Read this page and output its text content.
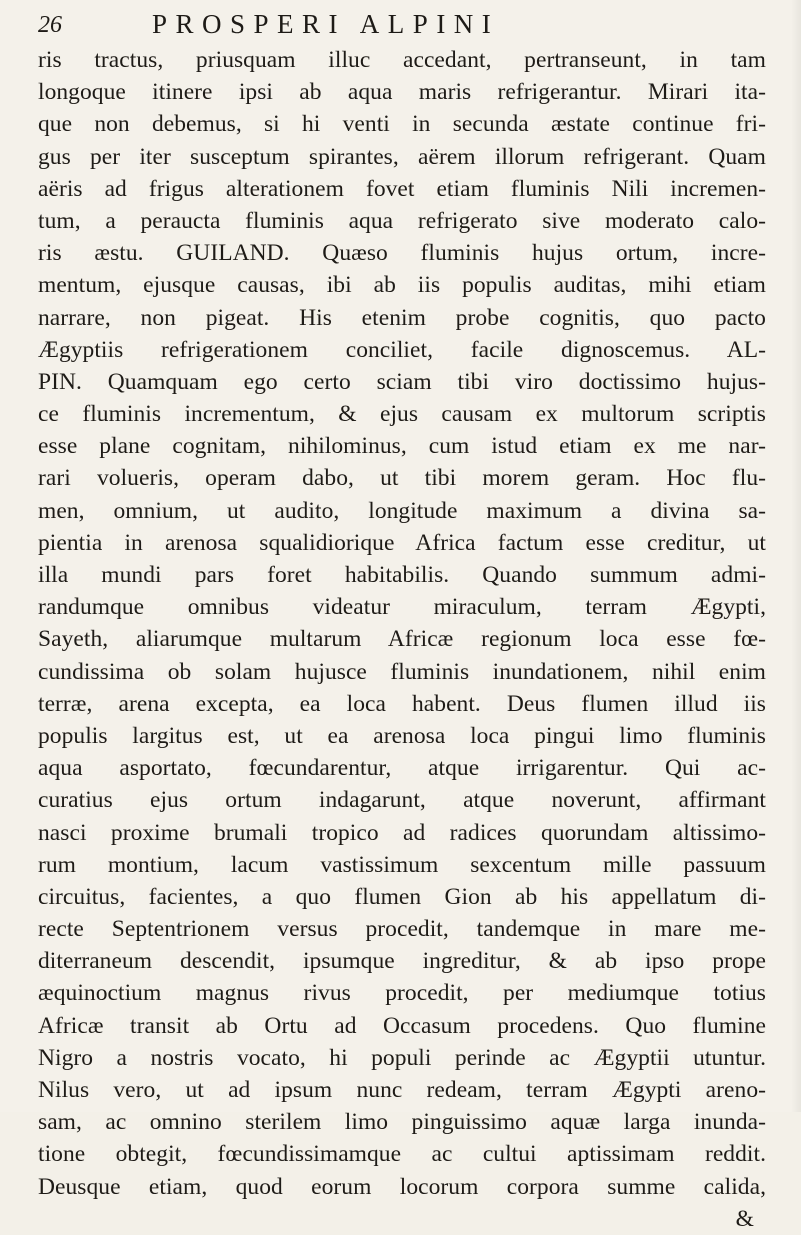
26	PROSPERI ALPINI
ris tractus, priusquam illuc accedant, pertranseunt, in tam
longoque itinere ipsi ab aqua maris refrigerantur. Mirari ita-
que non debemus, si hi venti in secunda æstate continue fri-
gus per iter susceptum spirantes, aërem illorum refrigerant. Quam
aëris ad frigus alterationem fovet etiam fluminis Nili incremen-
tum, a perauсta fluminis aqua refrigerato sive moderato calo-
ris æstu. GUILAND. Quæso fluminis hujus ortum, incre-
mentum, ejusque causas, ibi ab iis populis auditas, mihi etiam
narrare, non pigeat. His etenim probe cognitis, quo pacto
Ægyptiis refrigerationem conciliet, facile dignoscemus. AL-
PIN. Quamquam ego certo sciam tibi viro doctissimo hujus-
ce fluminis incrementum, & ejus causam ex multorum scriptis
esse plane cognitam, nihilominus, cum istud etiam ex me nar-
rari volueris, operam dabo, ut tibi morem geram. Hoc flu-
men, omnium, ut audito, longitude maximum a divina sa-
pientia in arenosa squalidiorique Africa factum esse creditur, ut
illa mundi pars foret habitabilis. Quando summum admi-
randumque omnibus videatur miraculum, terram Ægypti,
Sayeth, aliarumque multarum Africæ regionum loca esse fœ-
cundissima ob solam hujusce fluminis inundationem, nihil enim
terræ, arena excepta, ea loca habent. Deus flumen illud iis
populis largitus est, ut ea arenosa loca pingui limo fluminis
aqua asportato, fœcundarentur, atque irrigarentur. Qui ac-
curatius ejus ortum indagarunt, atque noverunt, affirmant
nasci proxime brumali tropico ad radices quorundam altissimo-
rum montium, lacum vastissimum sexcentum mille passuum
circuitus, facientes, a quo flumen Gion ab his appellatum di-
recte Septentrionem versus procedit, tandemque in mare me-
diterraneum descendit, ipsumque ingreditur, & ab ipso prope
æquinoctium magnus rivus procedit, per mediumque totius
Africæ transit ab Ortu ad Occasum procedens. Quo flumine
Nigro a nostris vocato, hi populi perinde ac Ægyptii utuntur.
Nilus vero, ut ad ipsum nunc redeam, terram Ægypti areno-
sam, ac omnino sterilem limo pinguissimo aquæ larga inunda-
tione obtegit, fœcundissimamque ac cultui aptissimam reddit.
Deusque etiam, quod eorum locorum corpora summe calida,
&
